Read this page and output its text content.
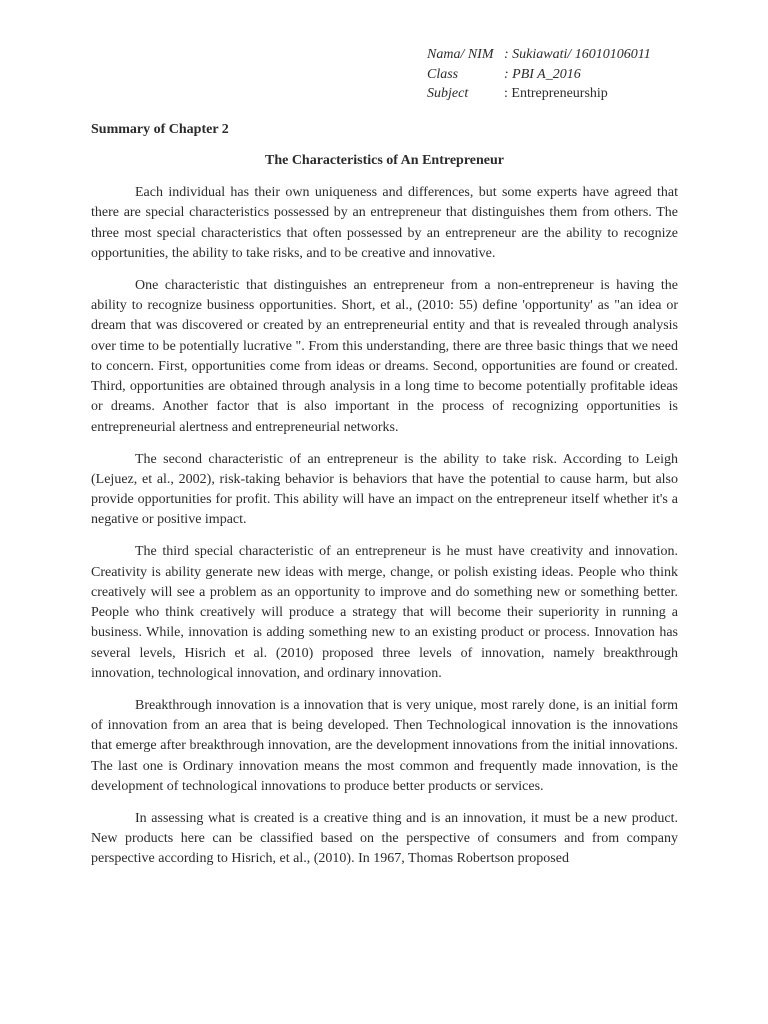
Nama/ NIM : Sukiawati/ 16010106011
Class	: PBI A_2016
Subject	: Entrepreneurship
Summary of Chapter 2
The Characteristics of An Entrepreneur

Each individual has their own uniqueness and differences, but some experts have agreed that there are special characteristics possessed by an entrepreneur that distinguishes them from others. The three most special characteristics that often possessed by an entrepreneur are the ability to recognize opportunities, the ability to take risks, and to be creative and innovative.

One characteristic that distinguishes an entrepreneur from a non-entrepreneur is having the ability to recognize business opportunities. Short, et al., (2010: 55) define 'opportunity' as "an idea or dream that was discovered or created by an entrepreneurial entity and that is revealed through analysis over time to be potentially lucrative ". From this understanding, there are three basic things that we need to concern. First, opportunities come from ideas or dreams. Second, opportunities are found or created. Third, opportunities are obtained through analysis in a long time to become potentially profitable ideas or dreams. Another factor that is also important in the process of recognizing opportunities is entrepreneurial alertness and entrepreneurial networks.

The second characteristic of an entrepreneur is the ability to take risk. According to Leigh (Lejuez, et al., 2002), risk-taking behavior is behaviors that have the potential to cause harm, but also provide opportunities for profit. This ability will have an impact on the entrepreneur itself whether it's a negative or positive impact.

The third special characteristic of an entrepreneur is he must have creativity and innovation. Creativity is ability generate new ideas with merge, change, or polish existing ideas. People who think creatively will see a problem as an opportunity to improve and do something new or something better. People who think creatively will produce a strategy that will become their superiority in running a business. While, innovation is adding something new to an existing product or process. Innovation has several levels, Hisrich et al. (2010) proposed three levels of innovation, namely breakthrough innovation, technological innovation, and ordinary innovation.

Breakthrough innovation is a innovation that is very unique, most rarely done, is an initial form of innovation from an area that is being developed. Then Technological innovation is the innovations that emerge after breakthrough innovation, are the development innovations from the initial innovations. The last one is Ordinary innovation means the most common and frequently made innovation, is the development of technological innovations to produce better products or services.

In assessing what is created is a creative thing and is an innovation, it must be a new product. New products here can be classified based on the perspective of consumers and from company perspective according to Hisrich, et al., (2010). In 1967, Thomas Robertson proposed
